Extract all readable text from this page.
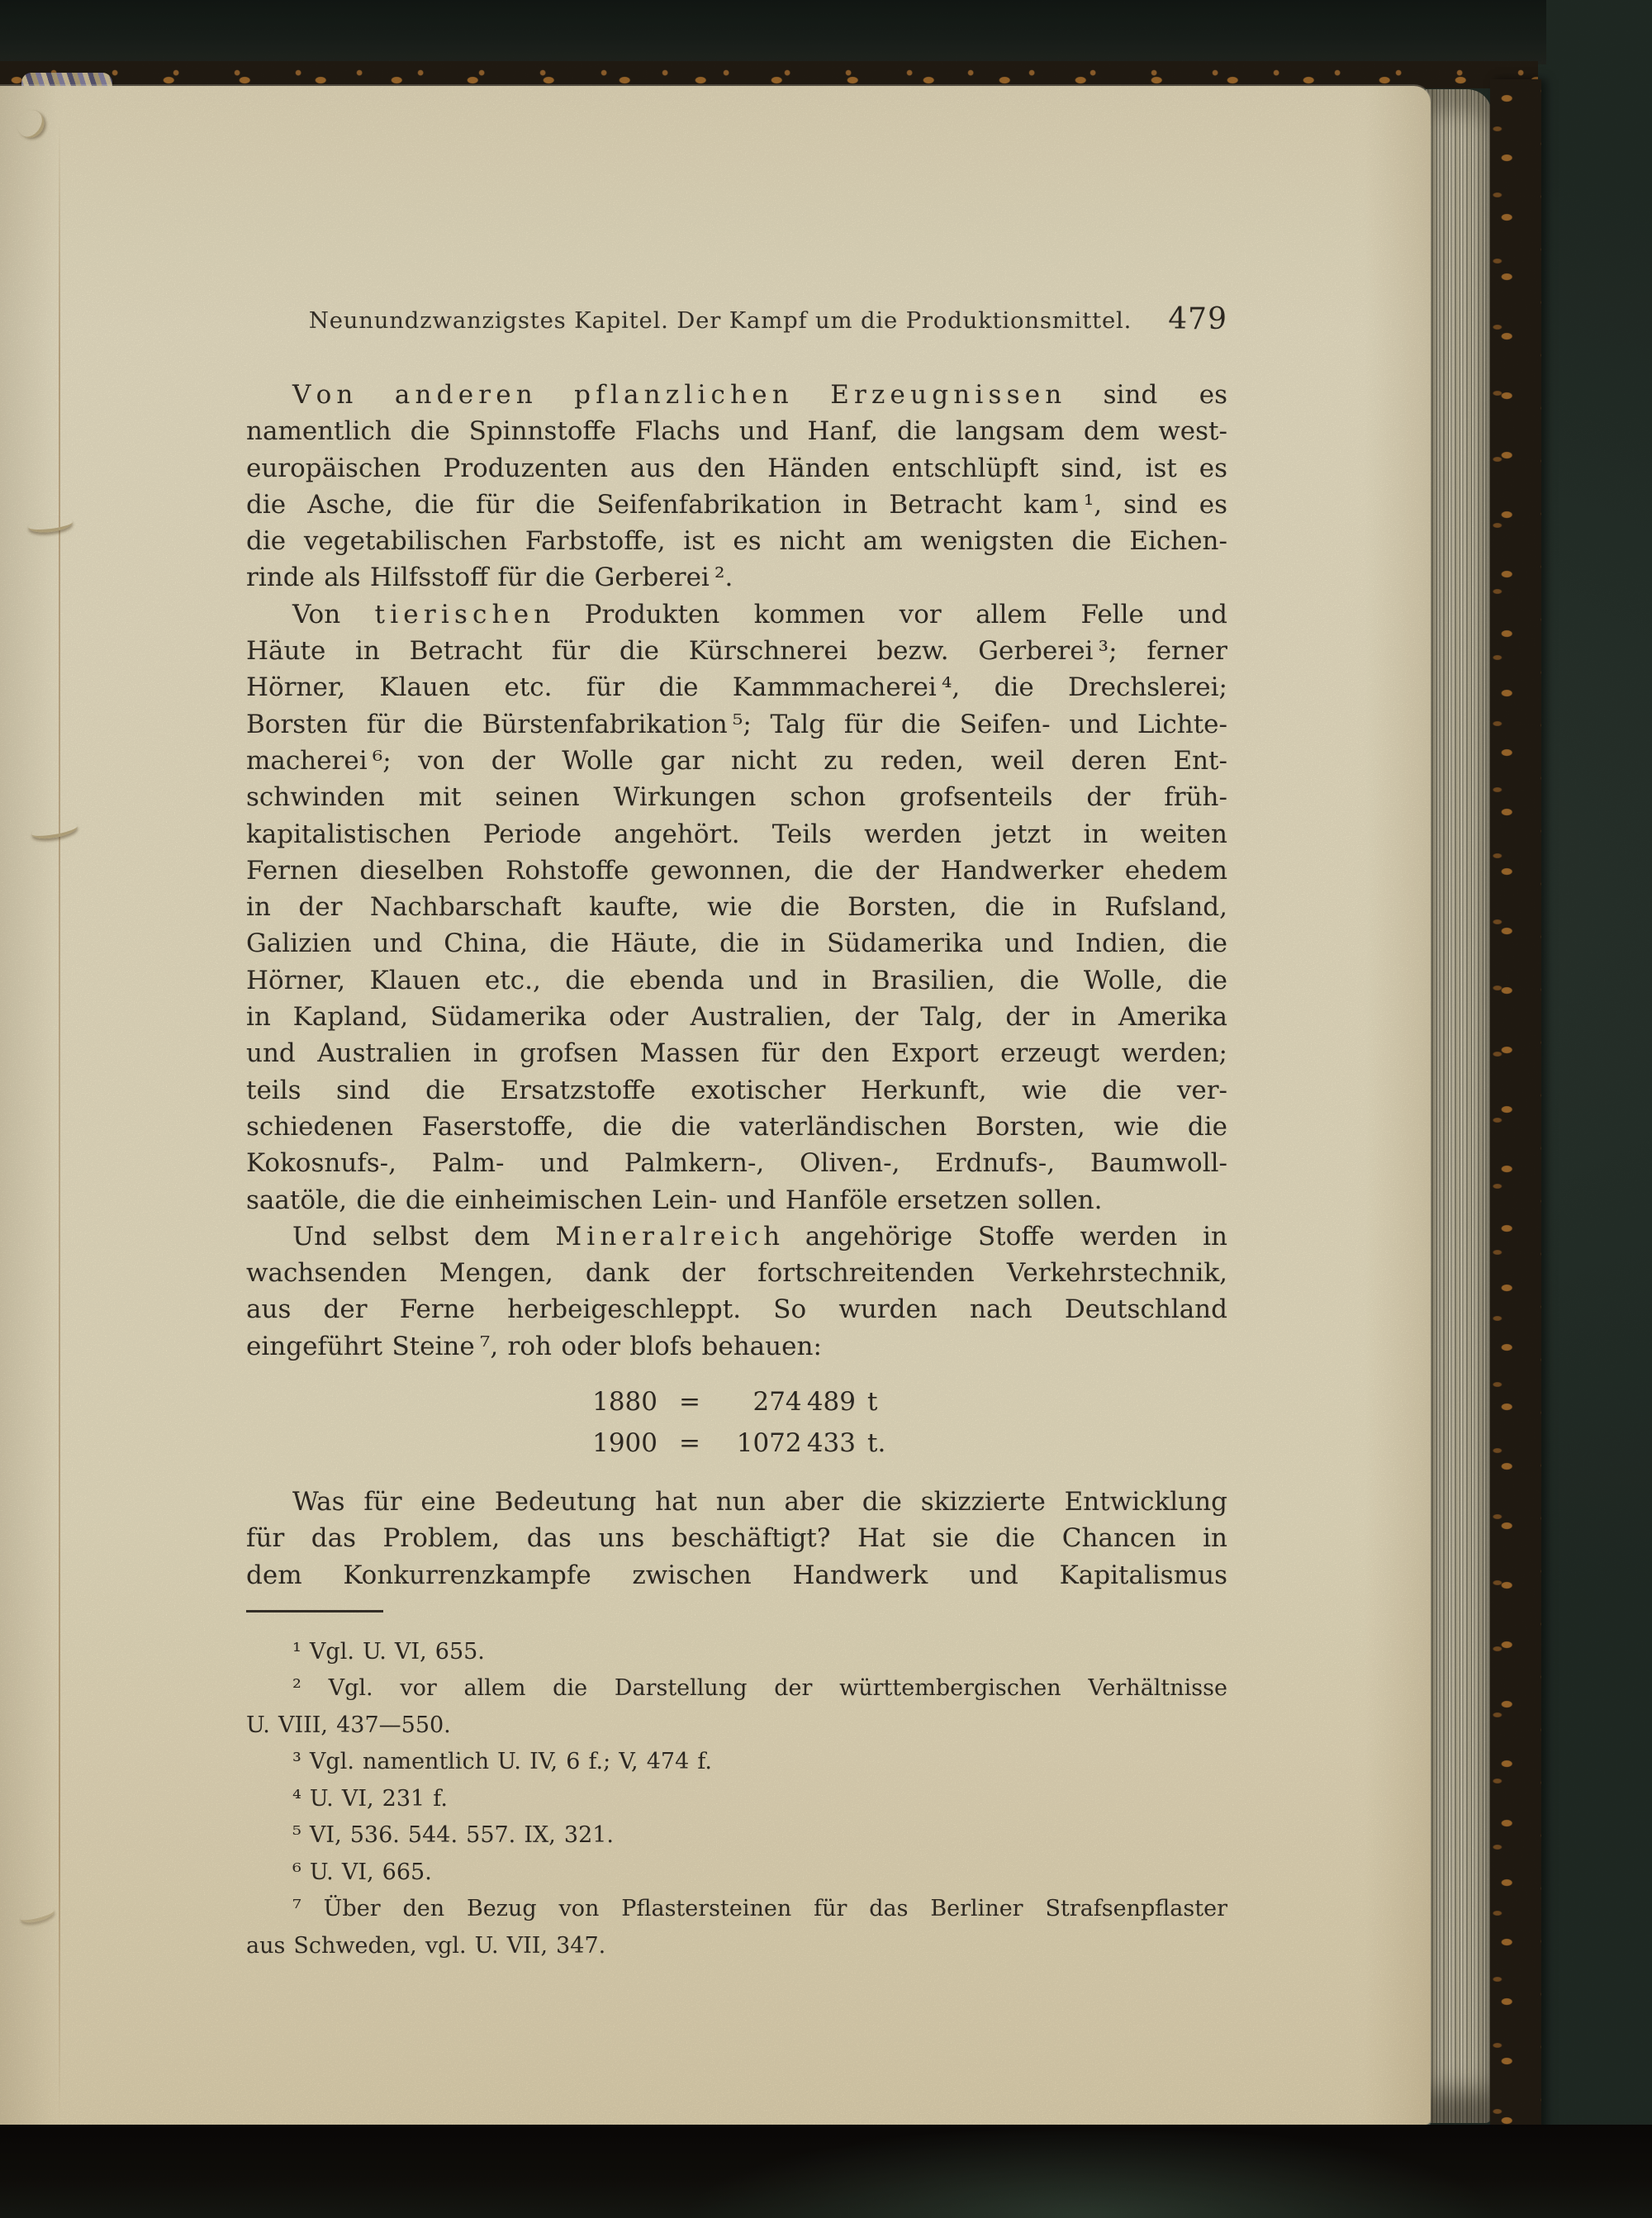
Neunundzwanzigstes Kapitel. Der Kampf um die Produktionsmittel.	479
V o n a n d e r e n p f l a n z l i c h e n E r z e u g n i s s e n sind es
namentlich die Spinnstoffe Flachs und Hanf, die langsam dem west-
europäischen Produzenten aus den Händen entschlüpft sind, ist es
die Asche, die für die Seifenfabrikation in Betracht kam ¹, sind es
die vegetabilischen Farbstoffe, ist es nicht am wenigsten die Eichen-
rinde als Hilfsstoff für die Gerberei ².
Von t i e r i s c h e n Produkten kommen vor allem Felle und
Häute in Betracht für die Kürschnerei bezw. Gerberei ³; ferner
Hörner, Klauen etc. für die Kammmacherei ⁴, die Drechslerei;
Borsten für die Bürstenfabrikation ⁵; Talg für die Seifen- und Lichte-
macherei ⁶; von der Wolle gar nicht zu reden, weil deren Ent-
schwinden mit seinen Wirkungen schon grofsenteils der früh-
kapitalistischen Periode angehört. Teils werden jetzt in weiten
Fernen dieselben Rohstoffe gewonnen, die der Handwerker ehedem
in der Nachbarschaft kaufte, wie die Borsten, die in Rufsland,
Galizien und China, die Häute, die in Südamerika und Indien, die
Hörner, Klauen etc., die ebenda und in Brasilien, die Wolle, die
in Kapland, Südamerika oder Australien, der Talg, der in Amerika
und Australien in grofsen Massen für den Export erzeugt werden;
teils sind die Ersatzstoffe exotischer Herkunft, wie die ver-
schiedenen Faserstoffe, die die vaterländischen Borsten, wie die
Kokosnufs-, Palm- und Palmkern-, Oliven-, Erdnufs-, Baumwoll-
saatöle, die die einheimischen Lein- und Hanföle ersetzen sollen.
Und selbst dem M i n e r a l r e i c h angehörige Stoffe werden in
wachsenden Mengen, dank der fortschreitenden Verkehrstechnik,
aus der Ferne herbeigeschleppt. So wurden nach Deutschland
eingeführt Steine ⁷, roh oder blofs behauen:
1880 =	274 489 t
1900 =	1072 433 t.
Was für eine Bedeutung hat nun aber die skizzierte Entwicklung
für das Problem, das uns beschäftigt? Hat sie die Chancen in
dem Konkurrenzkampfe zwischen Handwerk und Kapitalismus
¹ Vgl. U. VI, 655.
² Vgl. vor allem die Darstellung der württembergischen Verhältnisse
U. VIII, 437—550.
³ Vgl. namentlich U. IV, 6 f.; V, 474 f.
⁴ U. VI, 231 f.
⁵ VI, 536. 544. 557. IX, 321.
⁶ U. VI, 665.
⁷ Über den Bezug von Pflastersteinen für das Berliner Strafsenpflaster
aus Schweden, vgl. U. VII, 347.
